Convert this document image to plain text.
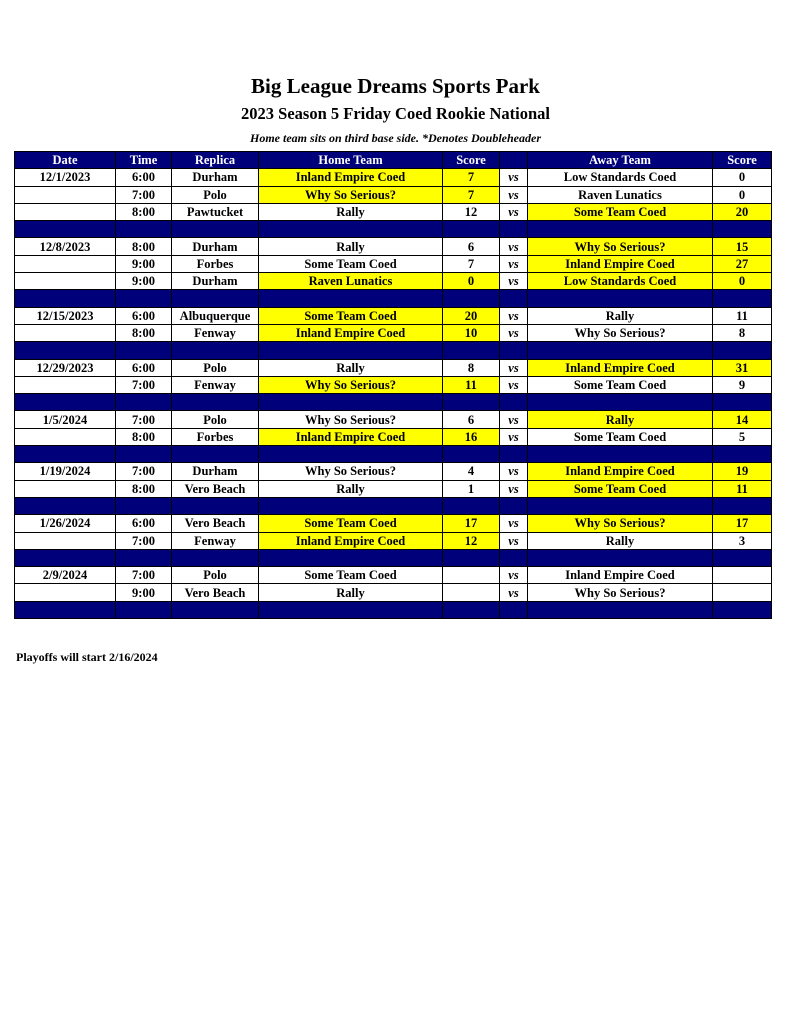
Big League Dreams Sports Park
2023 Season 5 Friday Coed Rookie National
Home team sits on third base side. *Denotes Doubleheader
Date	Time	Replica	Home Team	Score		Away Team	Score
12/1/2023	6:00	Durham	Inland Empire Coed	7	vs	Low Standards Coed	0
	7:00	Polo	Why So Serious?	7	vs	Raven Lunatics	0
	8:00	Pawtucket	Rally	12	vs	Some Team Coed	20

12/8/2023	8:00	Durham	Rally	6	vs	Why So Serious?	15
	9:00	Forbes	Some Team Coed	7	vs	Inland Empire Coed	27
	9:00	Durham	Raven Lunatics	0	vs	Low Standards Coed	0

12/15/2023	6:00	Albuquerque	Some Team Coed	20	vs	Rally	11
	8:00	Fenway	Inland Empire Coed	10	vs	Why So Serious?	8

12/29/2023	6:00	Polo	Rally	8	vs	Inland Empire Coed	31
	7:00	Fenway	Why So Serious?	11	vs	Some Team Coed	9

1/5/2024	7:00	Polo	Why So Serious?	6	vs	Rally	14
	8:00	Forbes	Inland Empire Coed	16	vs	Some Team Coed	5

1/19/2024	7:00	Durham	Why So Serious?	4	vs	Inland Empire Coed	19
	8:00	Vero Beach	Rally	1	vs	Some Team Coed	11

1/26/2024	6:00	Vero Beach	Some Team Coed	17	vs	Why So Serious?	17
	7:00	Fenway	Inland Empire Coed	12	vs	Rally	3

2/9/2024	7:00	Polo	Some Team Coed		vs	Inland Empire Coed	
	9:00	Vero Beach	Rally		vs	Why So Serious?	

Playoffs will start 2/16/2024
